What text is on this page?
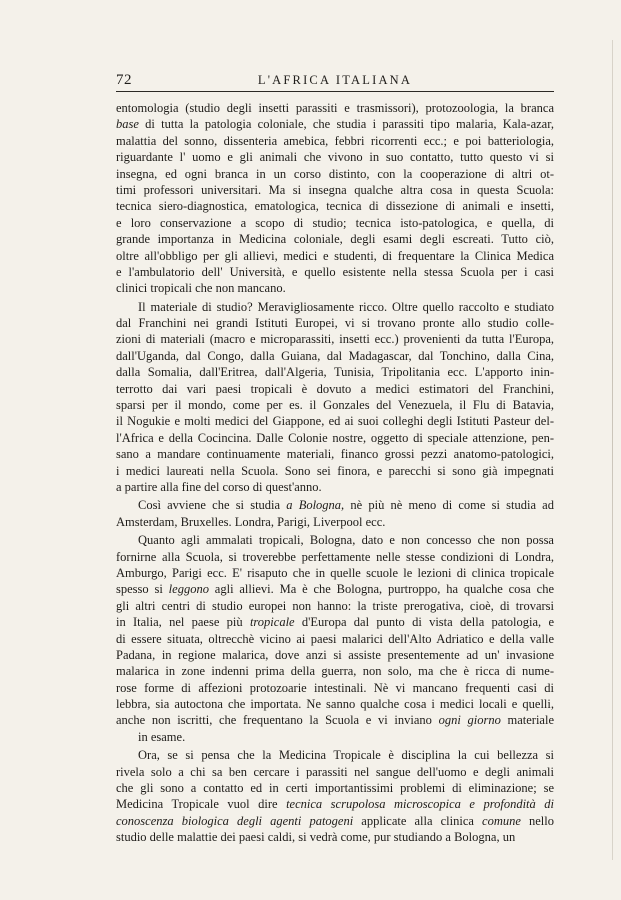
72	L'AFRICA ITALIANA
entomologia (studio degli insetti parassiti e trasmissori), protozoologia, la branca
base di tutta la patologia coloniale, che studia i parassiti tipo malaria, Kala-azar,
malattia del sonno, dissenteria amebica, febbri ricorrenti ecc.; e poi batteriologia,
riguardante l' uomo e gli animali che vivono in suo contatto, tutto questo vi si
insegna, ed ogni branca in un corso distinto, con la cooperazione di altri ot-
timi professori universitari. Ma si insegna qualche altra cosa in questa Scuola:
tecnica siero-diagnostica, ematologica, tecnica di dissezione di animali e insetti,
e loro conservazione a scopo di studio; tecnica isto-patologica, e quella, di
grande importanza in Medicina coloniale, degli esami degli escreati. Tutto ciò,
oltre all'obbligo per gli allievi, medici e studenti, di frequentare la Clinica Medica
e l'ambulatorio dell' Università, e quello esistente nella stessa Scuola per i casi
clinici tropicali che non mancano.
Il materiale di studio? Meravigliosamente ricco. Oltre quello raccolto e studiato
dal Franchini nei grandi Istituti Europei, vi si trovano pronte allo studio colle-
zioni di materiali (macro e microparassiti, insetti ecc.) provenienti da tutta l'Europa,
dall'Uganda, dal Congo, dalla Guiana, dal Madagascar, dal Tonchino, dalla Cina,
dalla Somalia, dall'Eritrea, dall'Algeria, Tunisia, Tripolitania ecc. L'apporto inin-
terrotto dai vari paesi tropicali è dovuto a medici estimatori del Franchini,
sparsi per il mondo, come per es. il Gonzales del Venezuela, il Flu di Batavia,
il Nogukie e molti medici del Giappone, ed ai suoi colleghi degli Istituti Pasteur del-
l'Africa e della Cocincina. Dalle Colonie nostre, oggetto di speciale attenzione, pen-
sano a mandare continuamente materiali, financo grossi pezzi anatomo-patologici,
i medici laureati nella Scuola. Sono sei finora, e parecchi si sono già impegnati
a partire alla fine del corso di quest'anno.
Così avviene che si studia a Bologna, nè più nè meno di come si studia ad
Amsterdam, Bruxelles. Londra, Parigi, Liverpool ecc.
Quanto agli ammalati tropicali, Bologna, dato e non concesso che non possa
fornirne alla Scuola, si troverebbe perfettamente nelle stesse condizioni di Londra,
Amburgo, Parigi ecc. E' risaputo che in quelle scuole le lezioni di clinica tropicale
spesso si leggono agli allievi. Ma è che Bologna, purtroppo, ha qualche cosa che
gli altri centri di studio europei non hanno: la triste prerogativa, cioè, di trovarsi
in Italia, nel paese più tropicale d'Europa dal punto di vista della patologia, e
di essere situata, oltrecchè vicino ai paesi malarici dell'Alto Adriatico e della valle
Padana, in regione malarica, dove anzi si assiste presentemente ad un' invasione
malarica in zone indenni prima della guerra, non solo, ma che è ricca di nume-
rose forme di affezioni protozoarie intestinali. Nè vi mancano frequenti casi di
lebbra, sia autoctona che importata. Ne sanno qualche cosa i medici locali e quelli,
anche non iscritti, che frequentano la Scuola e vi inviano ogni giorno materiale
in esame.
Ora, se si pensa che la Medicina Tropicale è disciplina la cui bellezza si
rivela solo a chi sa ben cercare i parassiti nel sangue dell'uomo e degli animali
che gli sono a contatto ed in certi importantissimi problemi di eliminazione; se
Medicina Tropicale vuol dire tecnica scrupolosa microscopica e profondità di
conoscenza biologica degli agenti patogeni applicate alla clinica comune nello
studio delle malattie dei paesi caldi, si vedrà come, pur studiando a Bologna, un
